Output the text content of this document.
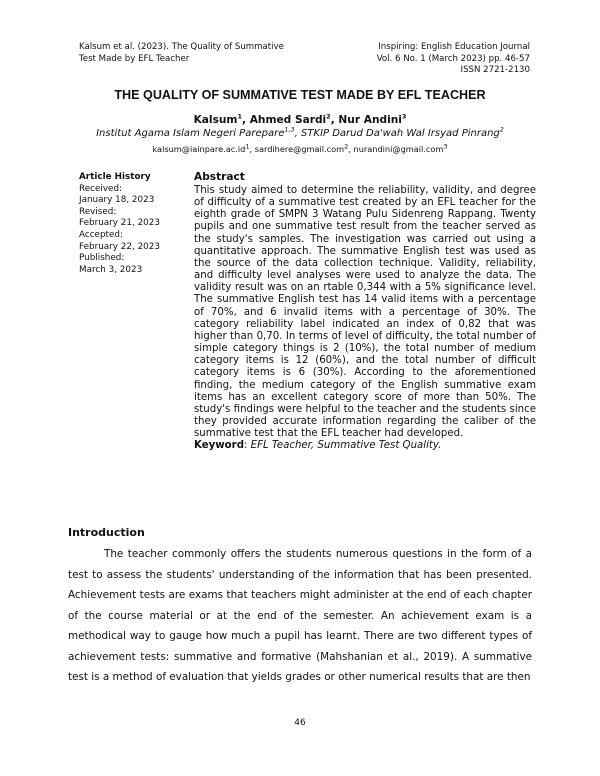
Kalsum et al. (2023). The Quality of Summative
Test Made by EFL Teacher
Inspiring: English Education Journal
Vol. 6 No. 1 (March 2023) pp. 46-57
ISSN 2721-2130
THE QUALITY OF SUMMATIVE TEST MADE BY EFL TEACHER
Kalsum$^1$, Ahmed Sardi$^2$, Nur Andini$^3$
Institut Agama Islam Negeri Parepare$^{1,3}$, STKIP Darud Da'wah Wal Irsyad Pinrang$^2$
$kalsum@iainpare.ac.id^1$, sardihere@gmail.com$^2$, nurandini@gmail.com$^3$
Article History
Received:
January 18, 2023
Revised:
February 21, 2023
Accepted:
February 22, 2023
Published:
March 3, 2023
Abstract

This study aimed to determine the reliability, validity, and degree of difficulty of a summative test created by an EFL teacher for the eighth grade of SMPN 3 Watang Pulu Sidenreng Rappang. Twenty pupils and one summative test result from the teacher served as the study's samples. The investigation was carried out using a quantitative approach. The summative English test was used as the source of the data collection technique. Validity, reliability, and difficulty level analyses were used to analyze the data. The validity result was on an rtable 0,344 with a 5% significance level. The summative English test has 14 valid items with a percentage of 70%, and 6 invalid items with a percentage of 30%. The category reliability label indicated an index of 0,82 that was higher than 0,70. In terms of level of difficulty, the total number of simple category things is 2 (10%), the total number of medium category items is 12 (60%), and the total number of difficult category items is 6 (30%). According to the aforementioned finding, the medium category of the English summative exam items has an excellent category score of more than 50%. The study's findings were helpful to the teacher and the students since they provided accurate information regarding the caliber of the summative test that the EFL teacher had developed.

Keyword: EFL Teacher, Summative Test Quality.
Introduction

The teacher commonly offers the students numerous questions in the form of a test to assess the students' understanding of the information that has been presented. Achievement tests are exams that teachers might administer at the end of each chapter of the course material or at the end of the semester. An achievement exam is a methodical way to gauge how much a pupil has learnt. There are two different types of achievement tests: summative and formative (Mahshanian et al., 2019). A summative test is a method of evaluation that yields grades or other numerical results that are then

46
